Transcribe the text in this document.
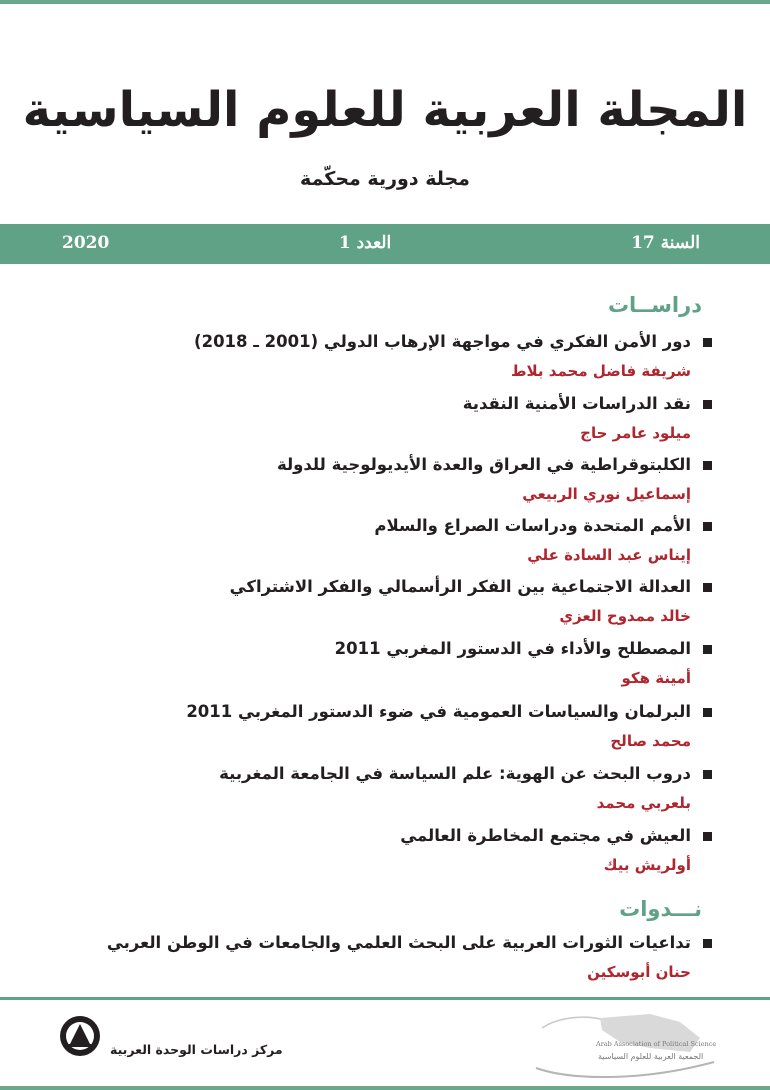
المجلة العربية للعلوم السياسية
مجلة دورية محكّمة
2020	العدد 1	السنة 17
دراســات
دور الأمن الفكري في مواجهة الإرهاب الدولي (2001 ـ 2018)
شريفة فاضل محمد بلاط
نقد الدراسات الأمنية النقدية
ميلود عامر حاج
الكلبتوقراطية في العراق والعدة الأيديولوجية للدولة
إسماعيل نوري الربيعي
الأمم المتحدة ودراسات الصراع والسلام
إيناس عبد السادة علي
العدالة الاجتماعية بين الفكر الرأسمالي والفكر الاشتراكي
خالد ممدوح العزي
المصطلح والأداء في الدستور المغربي 2011
أمينة هكو
البرلمان والسياسات العمومية في ضوء الدستور المغربي 2011
محمد صالح
دروب البحث عن الهوية: علم السياسة في الجامعة المغربية
بلعربي محمد
العيش في مجتمع المخاطرة العالمي
أولريش بيك
نـــدوات
تداعيات الثورات العربية على البحث العلمي والجامعات في الوطن العربي
حنان أبوسكين
مركز دراسات الوحدة العربية	Arab Association of Political Science
الجمعية العربية للعلوم السياسية
